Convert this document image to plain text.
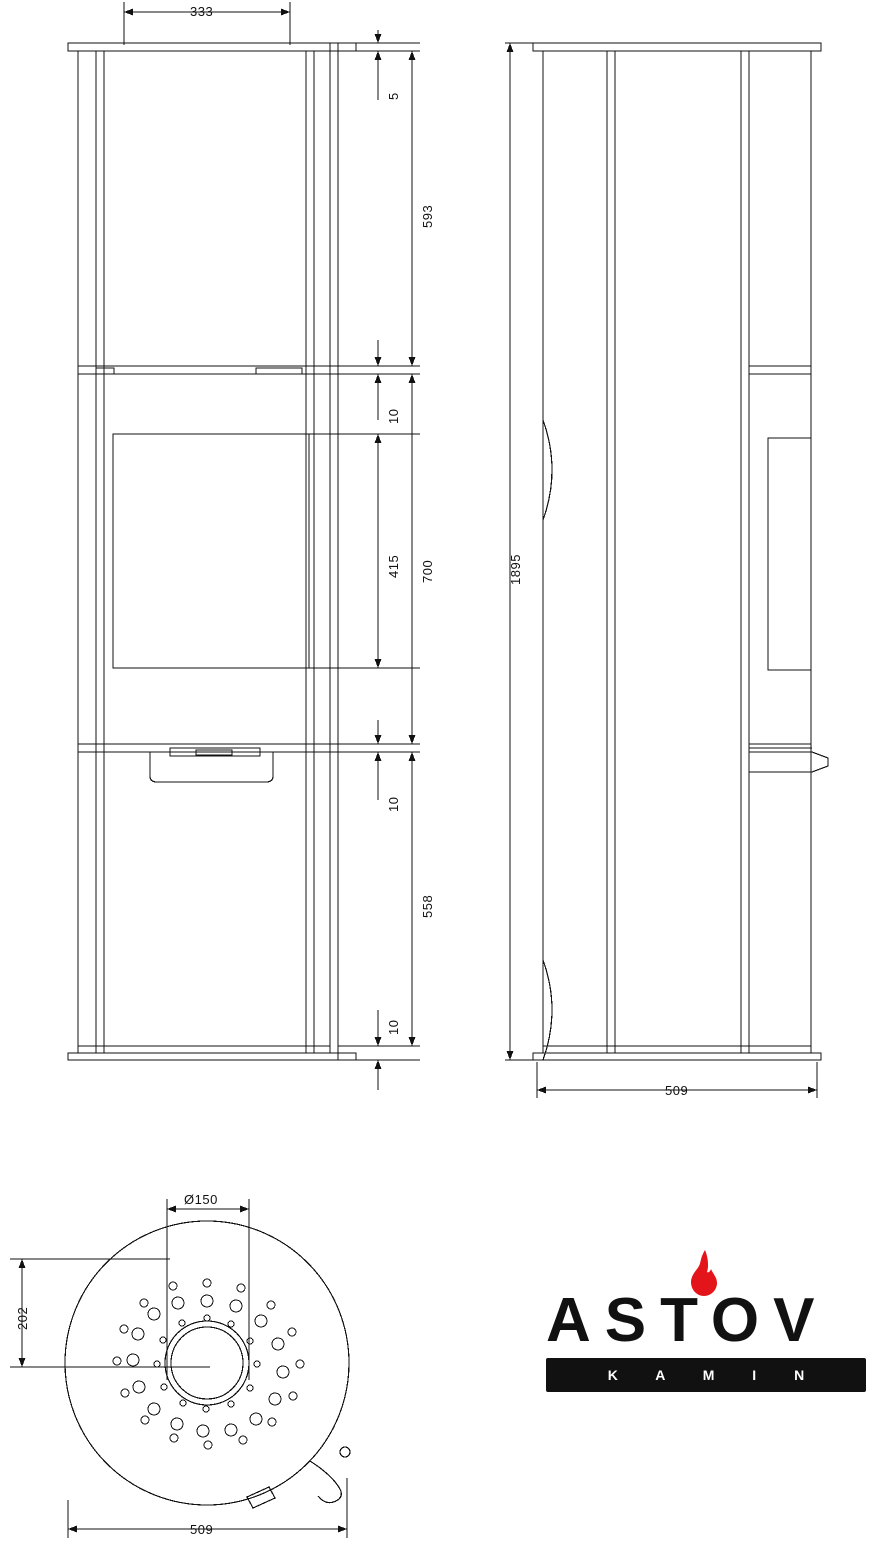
333
5
593
10
415 700
10
558
10
1895
509
Ø150
202
509
ASTOV
K A M I N
